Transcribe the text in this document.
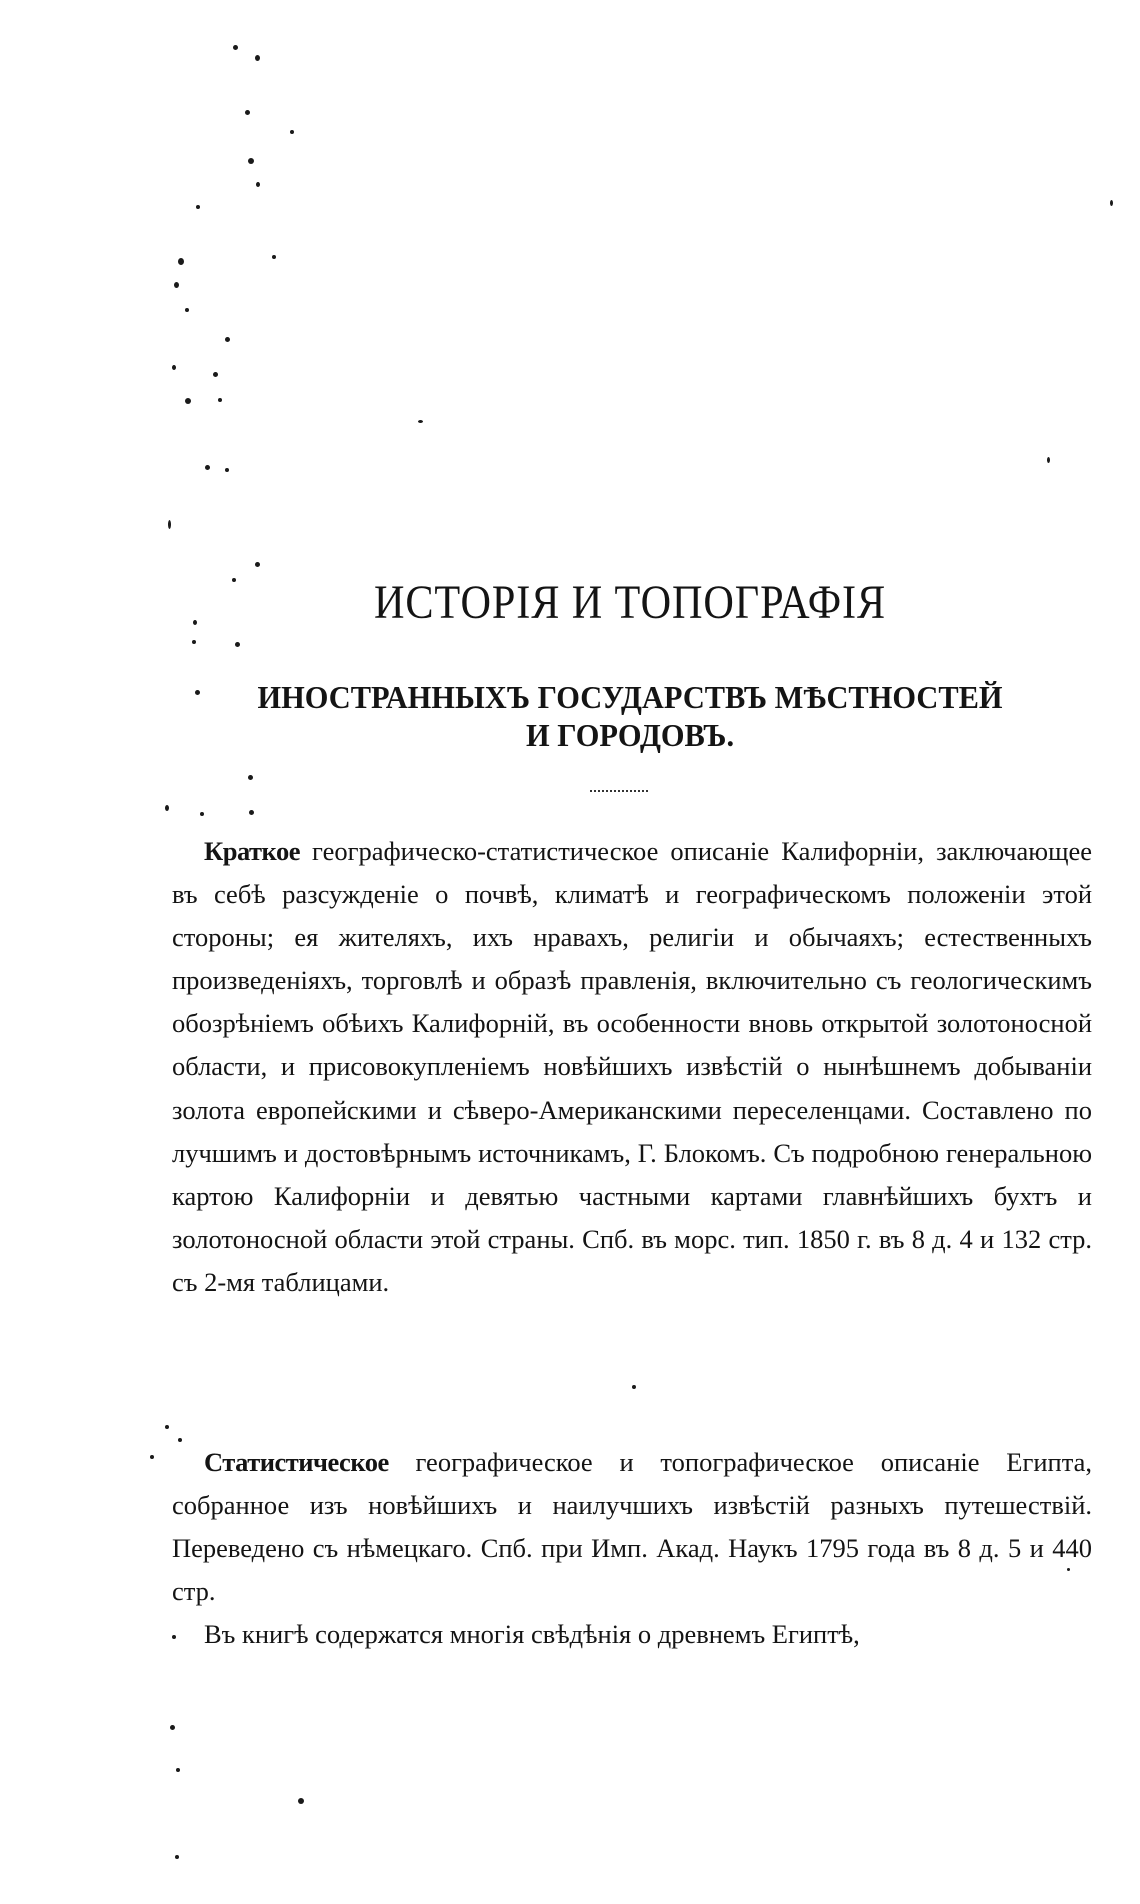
ИСТОРІЯ И ТОПОГРАФІЯ
ИНОСТРАННЫХЪ ГОСУДАРСТВЪ МѢСТНОСТЕЙ
И ГОРОДОВЪ.

Краткое географическо-статистическое описаніе Калифорніи, заключающее въ себѣ разсужденіе о почвѣ, климатѣ и географическомъ положеніи этой стороны; ея жителяхъ, ихъ нравахъ, религіи и обычаяхъ; естественныхъ произведеніяхъ, торговлѣ и образѣ правленія, включительно съ геологическимъ обозрѣніемъ обѣихъ Калифорній, въ особенности вновь открытой золотоносной области, и присовокупленіемъ новѣйшихъ извѣстій о нынѣшнемъ добываніи золота европейскими и сѣверо-Американскими переселенцами. Составлено по лучшимъ и достовѣрнымъ источникамъ, Г. Блокомъ. Съ подробною генеральною картою Калифорніи и девятью частными картами главнѣйшихъ бухтъ и золотоносной области этой страны. Спб. въ морс. тип. 1850 г. въ 8 д. 4 и 132 стр. съ 2-мя таблицами.

Статистическое географическое и топографическое описаніе Египта, собранное изъ новѣйшихъ и наилучшихъ извѣстій разныхъ путешествій. Переведено съ нѣмецкаго. Спб. при Имп. Акад. Наукъ 1795 года въ 8 д. 5 и 440 стр.

Въ книгѣ содержатся многія свѣдѣнія о древнемъ Египтѣ,
